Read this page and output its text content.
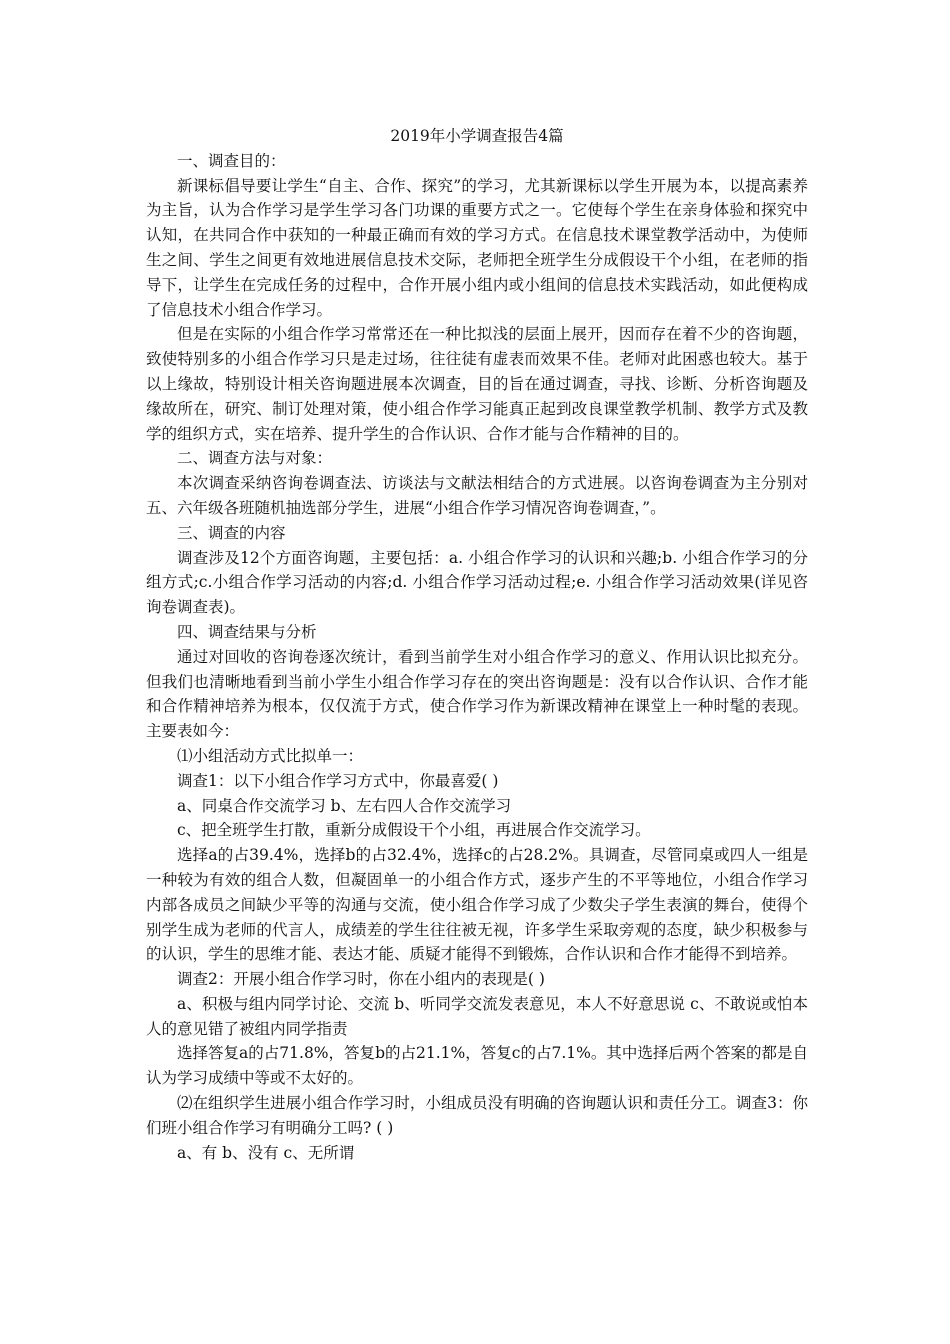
2019年小学调查报告4篇

一、调查目的：

新课标倡导要让学生“自主、合作、探究”的学习，尤其新课标以学生开展为本，以提高素养为主旨，认为合作学习是学生学习各门功课的重要方式之一。它使每个学生在亲身体验和探究中认知，在共同合作中获知的一种最正确而有效的学习方式。在信息技术课堂教学活动中，为使师生之间、学生之间更有效地进展信息技术交际，老师把全班学生分成假设干个小组，在老师的指导下，让学生在完成任务的过程中，合作开展小组内或小组间的信息技术实践活动，如此便构成了信息技术小组合作学习。

但是在实际的小组合作学习常常还在一种比拟浅的层面上展开，因而存在着不少的咨询题，致使特别多的小组合作学习只是走过场，往往徒有虚表而效果不佳。老师对此困惑也较大。基于以上缘故，特别设计相关咨询题进展本次调查，目的旨在通过调查，寻找、诊断、分析咨询题及缘故所在，研究、制订处理对策，使小组合作学习能真正起到改良课堂教学机制、教学方式及教学的组织方式，实在培养、提升学生的合作认识、合作才能与合作精神的目的。

二、调查方法与对象：

本次调查采纳咨询卷调查法、访谈法与文献法相结合的方式进展。以咨询卷调查为主分别对五、六年级各班随机抽选部分学生，进展“小组合作学习情况咨询卷调查，”。

三、调查的内容

调查涉及12个方面咨询题，主要包括：a. 小组合作学习的认识和兴趣;b. 小组合作学习的分组方式;c.小组合作学习活动的内容;d. 小组合作学习活动过程;e. 小组合作学习活动效果(详见咨询卷调查表)。

四、调查结果与分析

通过对回收的咨询卷逐次统计，看到当前学生对小组合作学习的意义、作用认识比拟充分。但我们也清晰地看到当前小学生小组合作学习存在的突出咨询题是：没有以合作认识、合作才能和合作精神培养为根本，仅仅流于方式，使合作学习作为新课改精神在课堂上一种时髦的表现。主要表如今：

⑴小组活动方式比拟单一：

调查1：以下小组合作学习方式中，你最喜爱( )

a、同桌合作交流学习 b、左右四人合作交流学习

c、把全班学生打散，重新分成假设干个小组，再进展合作交流学习。

选择a的占39.4%，选择b的占32.4%，选择c的占28.2%。具调查，尽管同桌或四人一组是一种较为有效的组合人数，但凝固单一的小组合作方式，逐步产生的不平等地位，小组合作学习内部各成员之间缺少平等的沟通与交流，使小组合作学习成了少数尖子学生表演的舞台，使得个别学生成为老师的代言人，成绩差的学生往往被无视，许多学生采取旁观的态度，缺少积极参与的认识，学生的思维才能、表达才能、质疑才能得不到锻炼，合作认识和合作才能得不到培养。

调查2：开展小组合作学习时，你在小组内的表现是( )

a、积极与组内同学讨论、交流 b、听同学交流发表意见，本人不好意思说 c、不敢说或怕本人的意见错了被组内同学指责

选择答复a的占71.8%，答复b的占21.1%，答复c的占7.1%。其中选择后两个答案的都是自认为学习成绩中等或不太好的。

⑵在组织学生进展小组合作学习时，小组成员没有明确的咨询题认识和责任分工。调查3：你们班小组合作学习有明确分工吗? ( )

a、有 b、没有 c、无所谓
